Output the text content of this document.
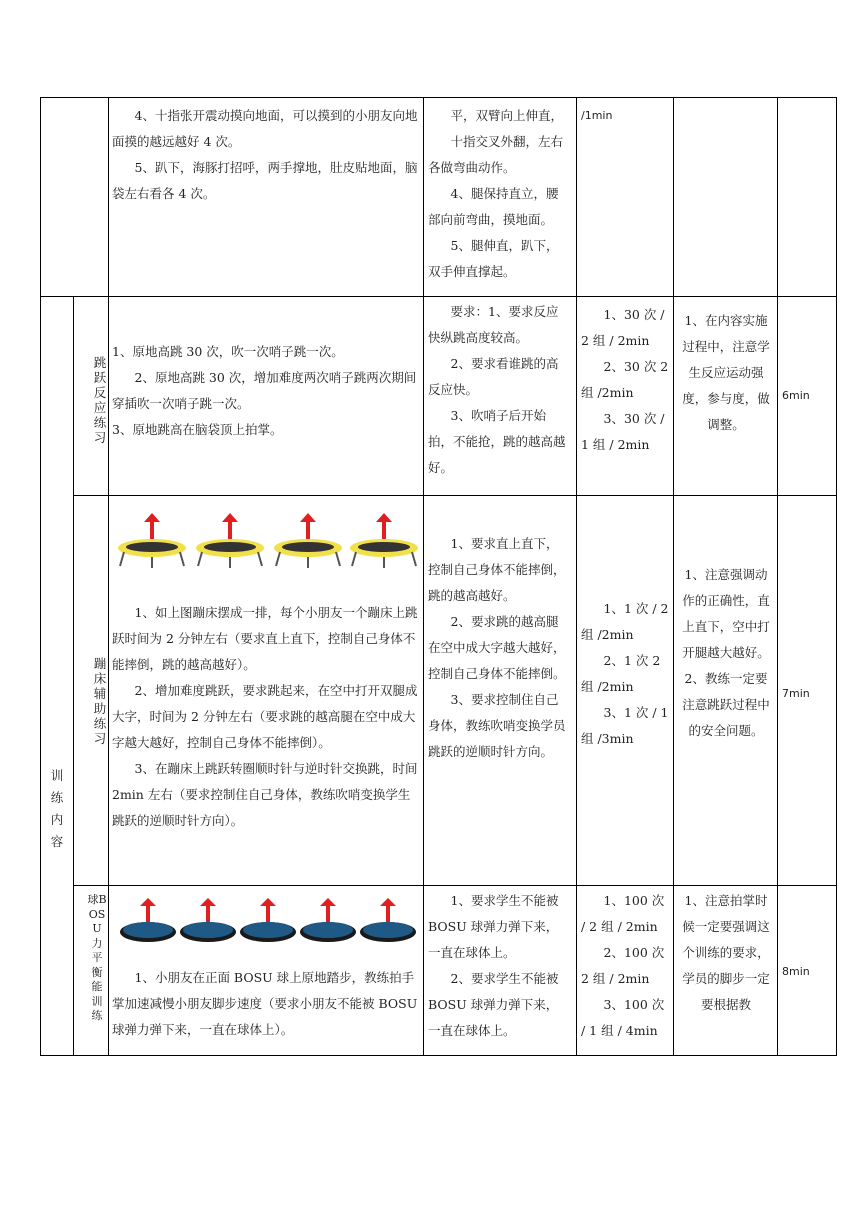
4、十指张开震动摸向地面，可以摸到的小朋友向地面摸的越远越好 4 次。

5、趴下，海豚打招呼，两手撑地，肚皮贴地面，脑袋左右看各 4 次。

平，双臂向上伸直，

十指交叉外翻，左右各做弯曲动作。

4、腿保持直立，腰部向前弯曲，摸地面。

5、腿伸直，趴下，双手伸直撑起。

/1min
训练内容
跳跃反应练习

1、原地高跳 30 次，吹一次哨子跳一次。

2、原地高跳 30 次，增加难度两次哨子跳两次期间穿插吹一次哨子跳一次。

3、原地跳高在脑袋顶上拍掌。

要求：1、要求反应快纵跳高度较高。

2、要求看谁跳的高反应快。

3、吹哨子后开始拍，不能抢，跳的越高越好。

1、30 次 / 2 组 / 2min

2、30 次 2 组 /2min

3、30 次 / 1 组 / 2min

1、在内容实施过程中，注意学生反应运动强度，参与度，做调整。
6min
蹦床辅助练习

1、如上图蹦床摆成一排，每个小朋友一个蹦床上跳跃时间为 2 分钟左右（要求直上直下，控制自己身体不能摔倒，跳的越高越好）。

2、增加难度跳跃，要求跳起来，在空中打开双腿成大字，时间为 2 分钟左右（要求跳的越高腿在空中成大字越大越好，控制自己身体不能摔倒）。

3、在蹦床上跳跃转圈顺时针与逆时针交换跳，时间 2min 左右（要求控制住自己身体，教练吹哨变换学生跳跃的逆顺时针方向）。

1、要求直上直下，控制自己身体不能摔倒，跳的越高越好。

2、要求跳的越高腿在空中成大字越大越好，控制自己身体不能摔倒。

3、要求控制住自己身体，教练吹哨变换学员跳跃的逆顺时针方向。

1、1 次 / 2 组 /2min

2、1 次 2 组 /2min

3、1 次 / 1 组 /3min

1、注意强调动作的正确性，直上直下，空中打开腿越大越好。

2、教练一定要注意跳跃过程中的安全问题。

7min
球BOSU力平衡能训练

1、小朋友在正面 BOSU 球上原地踏步，教练拍手掌加速减慢小朋友脚步速度（要求小朋友不能被 BOSU 球弹力弹下来，一直在球体上）。

1、要求学生不能被 BOSU 球弹力弹下来，一直在球体上。

2、要求学生不能被 BOSU 球弹力弹下来，一直在球体上。

1、100 次 / 2 组 / 2min

2、100 次 2 组 / 2min

3、100 次 / 1 组 / 4min

1、注意拍掌时候一定要强调这个训练的要求，学员的脚步一定要根据教
8min
